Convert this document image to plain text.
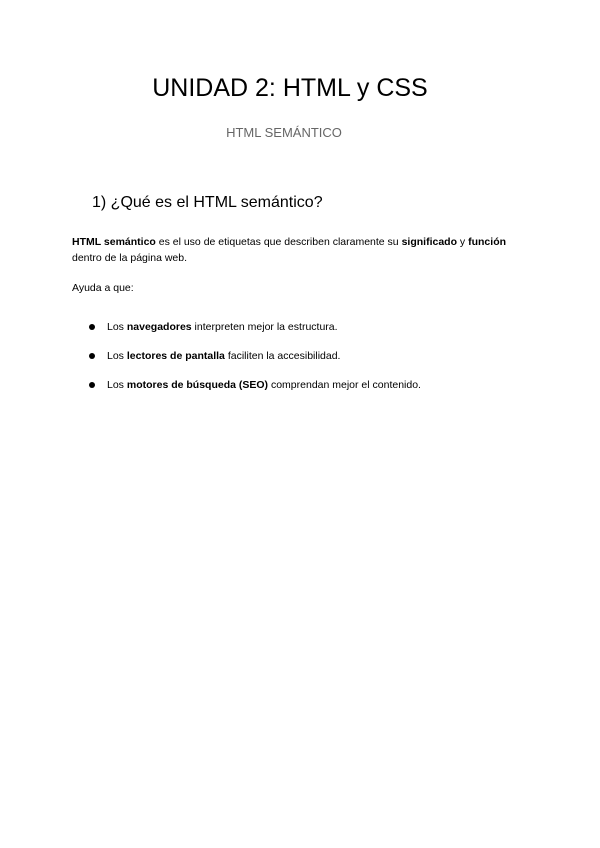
UNIDAD 2: HTML y CSS
HTML SEMÁNTICO
1) ¿Qué es el HTML semántico?

HTML semántico es el uso de etiquetas que describen claramente su significado y función dentro de la página web.

Ayuda a que:

Los navegadores interpreten mejor la estructura.
Los lectores de pantalla faciliten la accesibilidad.
Los motores de búsqueda (SEO) comprendan mejor el contenido.
